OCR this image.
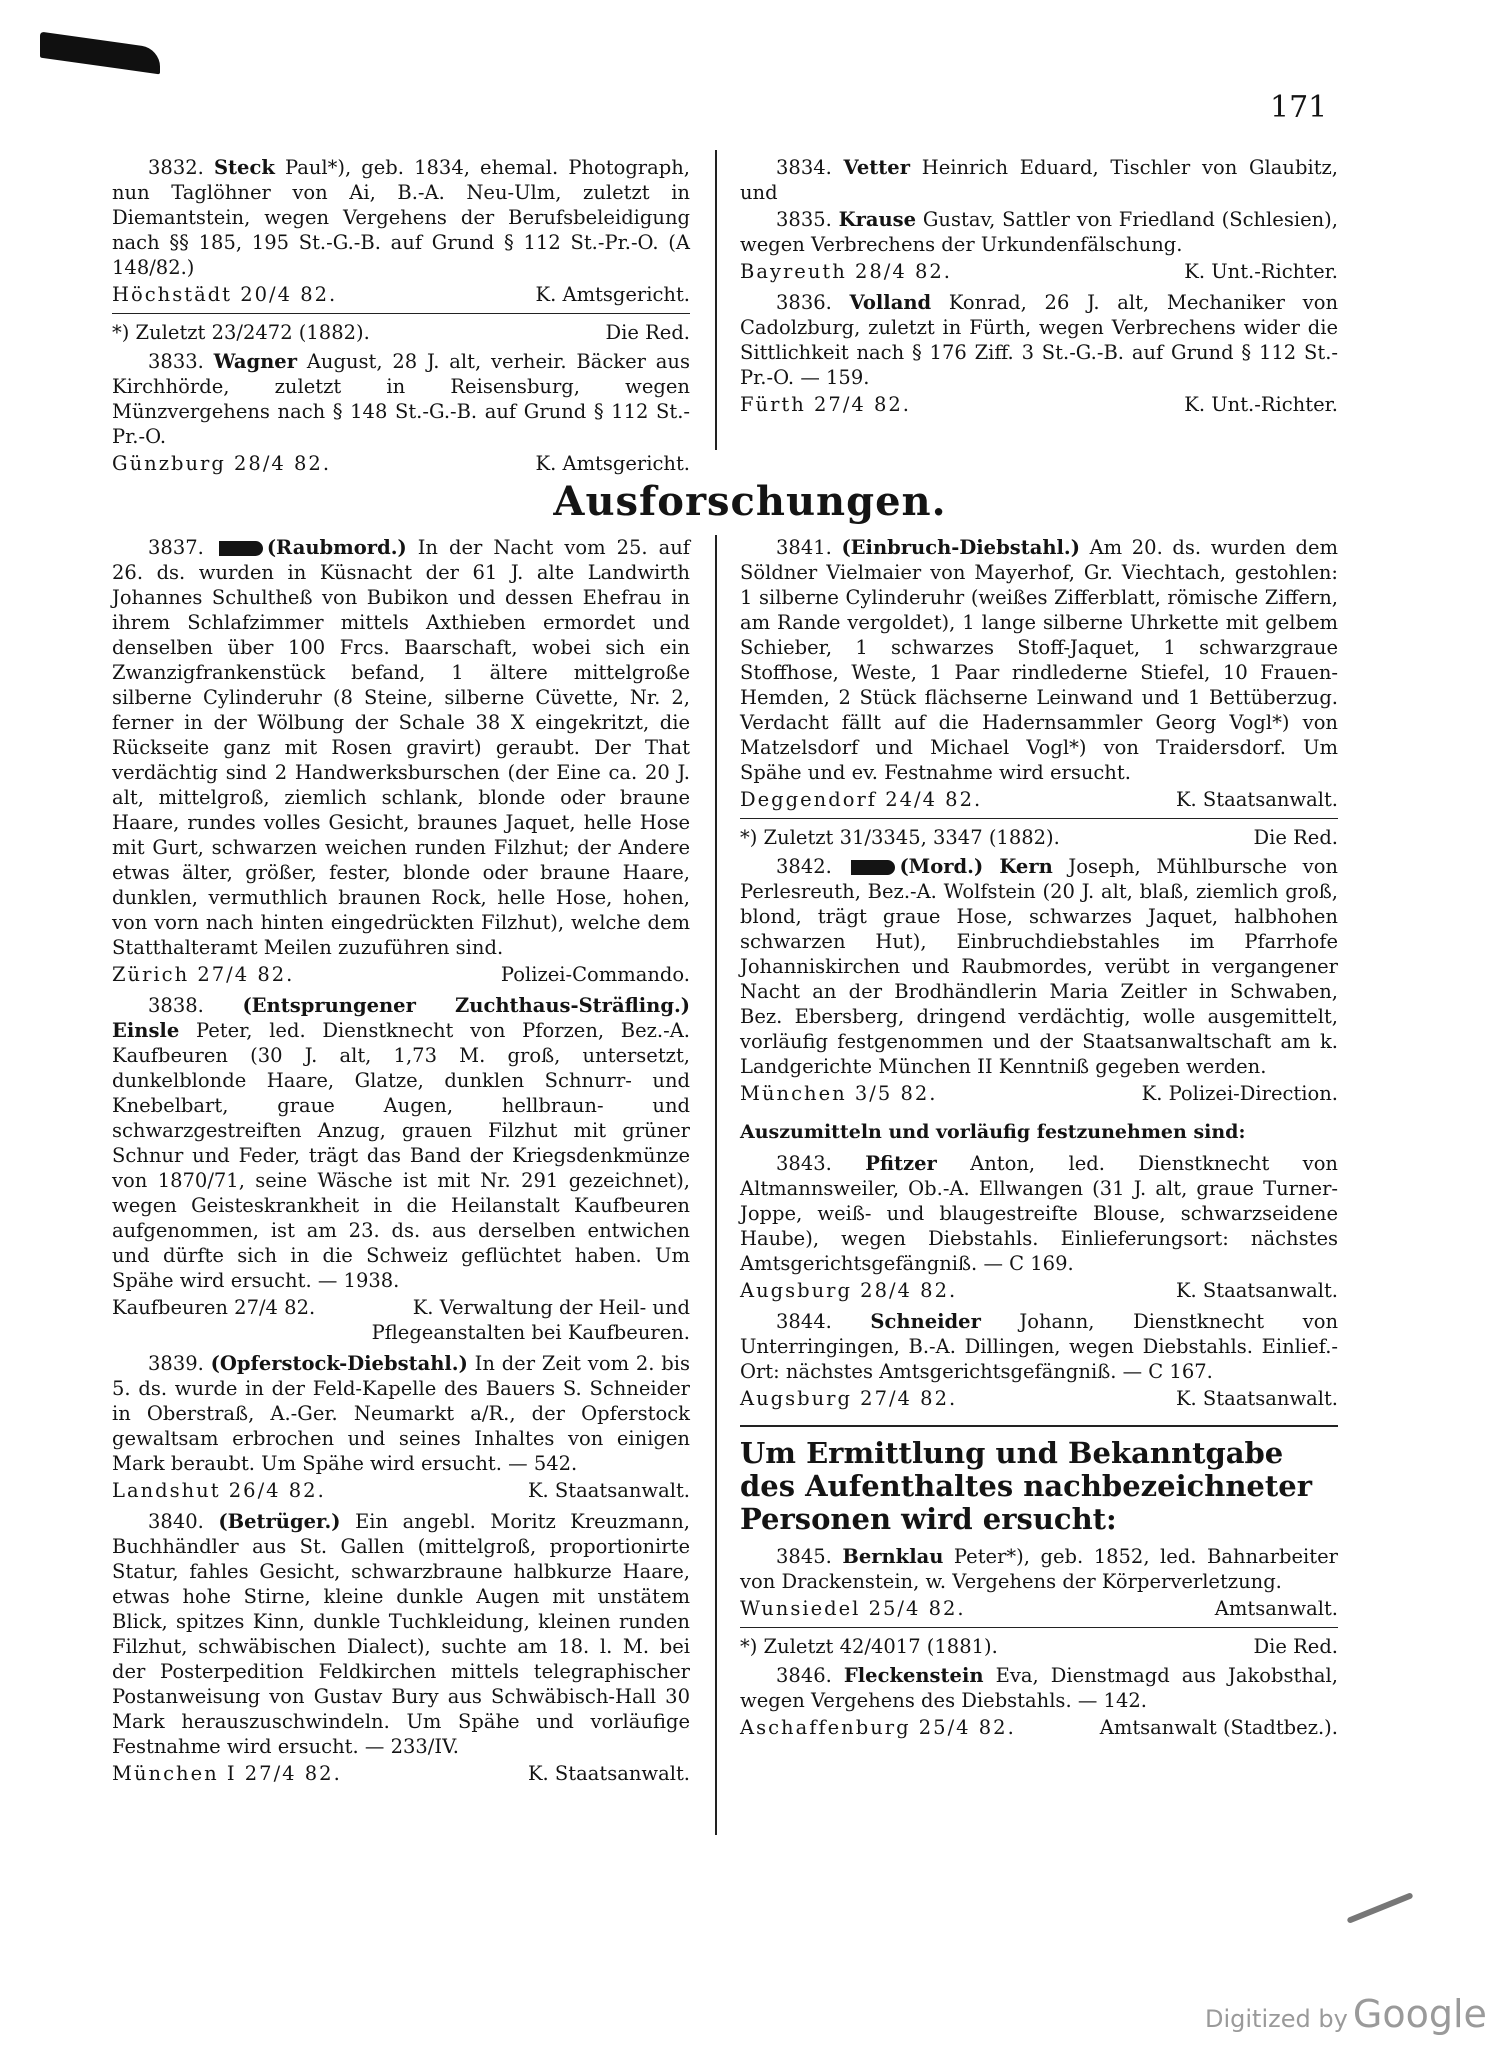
171

3832. Steck Paul*), geb. 1834, ehemal. Photograph, nun Taglöhner von Ai, B.-A. Neu-Ulm, zuletzt in Diemantstein, wegen Vergehens der Berufsbeleidigung nach §§ 185, 195 St.-G.-B. auf Grund § 112 St.-Pr.-O. (A 148/82.)

Höchstädt 20/4 82.	K. Amtsgericht.
*) Zuletzt 23/2472 (1882).	Die Red.

3833. Wagner August, 28 J. alt, verheir. Bäcker aus Kirchhörde, zuletzt in Reisensburg, wegen Münzvergehens nach § 148 St.-G.-B. auf Grund § 112 St.-Pr.-O.

Günzburg 28/4 82.	K. Amtsgericht.

3834. Vetter Heinrich Eduard, Tischler von Glaubitz, und

3835. Krause Gustav, Sattler von Friedland (Schlesien), wegen Verbrechens der Urkundenfälschung.

Bayreuth 28/4 82.	K. Unt.-Richter.

3836. Volland Konrad, 26 J. alt, Mechaniker von Cadolzburg, zuletzt in Fürth, wegen Verbrechens wider die Sittlichkeit nach § 176 Ziff. 3 St.-G.-B. auf Grund § 112 St.-Pr.-O. — 159.

Fürth 27/4 82.	K. Unt.-Richter.
Ausforschungen.

3837.	(Raubmord.) In der Nacht vom 25. auf 26. ds. wurden in Küsnacht der 61 J. alte Landwirth Johannes Schultheß von Bubikon und dessen Ehefrau in ihrem Schlafzimmer mittels Axthieben ermordet und denselben über 100 Frcs. Baarschaft, wobei sich ein Zwanzigfrankenstück befand, 1 ältere mittelgroße silberne Cylinderuhr (8 Steine, silberne Cüvette, Nr. 2, ferner in der Wölbung der Schale 38 X eingekritzt, die Rückseite ganz mit Rosen gravirt) geraubt. Der That verdächtig sind 2 Handwerksburschen (der Eine ca. 20 J. alt, mittelgroß, ziemlich schlank, blonde oder braune Haare, rundes volles Gesicht, braunes Jaquet, helle Hose mit Gurt, schwarzen weichen runden Filzhut; der Andere etwas älter, größer, fester, blonde oder braune Haare, dunklen, vermuthlich braunen Rock, helle Hose, hohen, von vorn nach hinten eingedrückten Filzhut), welche dem Statthalteramt Meilen zuzuführen sind.

Zürich 27/4 82.	Polizei-Commando.

3838. (Entsprungener Zuchthaus-Sträfling.) Einsle Peter, led. Dienstknecht von Pforzen, Bez.-A. Kaufbeuren (30 J. alt, 1,73 M. groß, untersetzt, dunkelblonde Haare, Glatze, dunklen Schnurr- und Knebelbart, graue Augen, hellbraun- und schwarzgestreiften Anzug, grauen Filzhut mit grüner Schnur und Feder, trägt das Band der Kriegsdenkmünze von 1870/71, seine Wäsche ist mit Nr. 291 gezeichnet), wegen Geisteskrankheit in die Heilanstalt Kaufbeuren aufgenommen, ist am 23. ds. aus derselben entwichen und dürfte sich in die Schweiz geflüchtet haben. Um Spähe wird ersucht. — 1938.

Kaufbeuren 27/4 82.	K. Verwaltung der Heil- und
Pflegeanstalten bei Kaufbeuren.

3839. (Opferstock-Diebstahl.) In der Zeit vom 2. bis 5. ds. wurde in der Feld-Kapelle des Bauers S. Schneider in Oberstraß, A.-Ger. Neumarkt a/R., der Opferstock gewaltsam erbrochen und seines Inhaltes von einigen Mark beraubt. Um Spähe wird ersucht. — 542.

Landshut 26/4 82.	K. Staatsanwalt.

3840. (Betrüger.) Ein angebl. Moritz Kreuzmann, Buchhändler aus St. Gallen (mittelgroß, proportionirte Statur, fahles Gesicht, schwarzbraune halbkurze Haare, etwas hohe Stirne, kleine dunkle Augen mit unstätem Blick, spitzes Kinn, dunkle Tuchkleidung, kleinen runden Filzhut, schwäbischen Dialect), suchte am 18. l. M. bei der Posterpedition Feldkirchen mittels telegraphischer Postanweisung von Gustav Bury aus Schwäbisch-Hall 30 Mark herauszuschwindeln. Um Spähe und vorläufige Festnahme wird ersucht. — 233/IV.

München I 27/4 82.	K. Staatsanwalt.

3841. (Einbruch-Diebstahl.) Am 20. ds. wurden dem Söldner Vielmaier von Mayerhof, Gr. Viechtach, gestohlen: 1 silberne Cylinderuhr (weißes Zifferblatt, römische Ziffern, am Rande vergoldet), 1 lange silberne Uhrkette mit gelbem Schieber, 1 schwarzes Stoff-Jaquet, 1 schwarzgraue Stoffhose, Weste, 1 Paar rindlederne Stiefel, 10 Frauen-Hemden, 2 Stück flächserne Leinwand und 1 Bettüberzug. Verdacht fällt auf die Hadernsammler Georg Vogl*) von Matzelsdorf und Michael Vogl*) von Traidersdorf. Um Spähe und ev. Festnahme wird ersucht.

Deggendorf 24/4 82.	K. Staatsanwalt.
*) Zuletzt 31/3345, 3347 (1882).	Die Red.

3842.	(Mord.) Kern Joseph, Mühlbursche von Perlesreuth, Bez.-A. Wolfstein (20 J. alt, blaß, ziemlich groß, blond, trägt graue Hose, schwarzes Jaquet, halbhohen schwarzen Hut), Einbruchdiebstahles im Pfarrhofe Johanniskirchen und Raubmordes, verübt in vergangener Nacht an der Brodhändlerin Maria Zeitler in Schwaben, Bez. Ebersberg, dringend verdächtig, wolle ausgemittelt, vorläufig festgenommen und der Staatsanwaltschaft am k. Landgerichte München II Kenntniß gegeben werden.

München 3/5 82.	K. Polizei-Direction.
Auszumitteln und vorläufig festzunehmen sind:

3843. Pfitzer Anton, led. Dienstknecht von Altmannsweiler, Ob.-A. Ellwangen (31 J. alt, graue Turner-Joppe, weiß- und blaugestreifte Blouse, schwarzseidene Haube), wegen Diebstahls. Einlieferungsort: nächstes Amtsgerichtsgefängniß. — C 169.

Augsburg 28/4 82.	K. Staatsanwalt.

3844. Schneider Johann, Dienstknecht von Unterringingen, B.-A. Dillingen, wegen Diebstahls. Einlief.-Ort: nächstes Amtsgerichtsgefängniß. — C 167.

Augsburg 27/4 82.	K. Staatsanwalt.
Um Ermittlung und Bekanntgabe des Aufenthaltes nachbezeichneter Personen wird ersucht:

3845. Bernklau Peter*), geb. 1852, led. Bahnarbeiter von Drackenstein, w. Vergehens der Körperverletzung.

Wunsiedel 25/4 82.	Amtsanwalt.
*) Zuletzt 42/4017 (1881).	Die Red.

3846. Fleckenstein Eva, Dienstmagd aus Jakobsthal, wegen Vergehens des Diebstahls. — 142.

Aschaffenburg 25/4 82.	Amtsanwalt (Stadtbez.).
Digitized by Google
